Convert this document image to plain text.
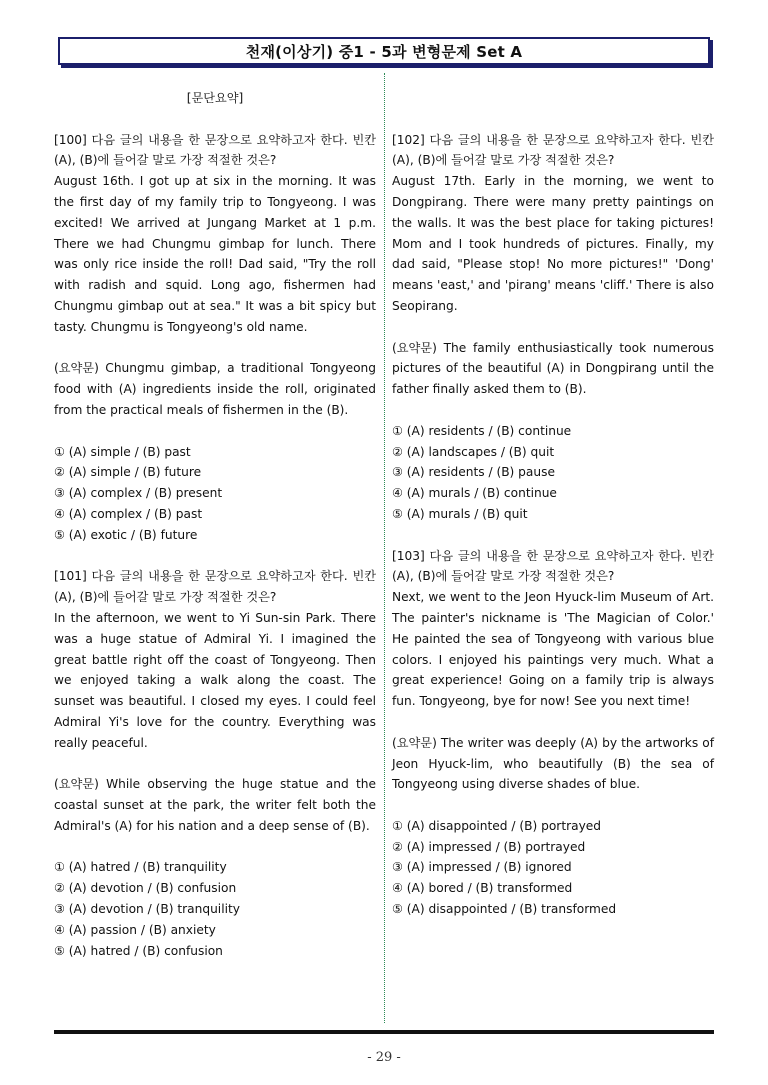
천재(이상기) 중1 - 5과 변형문제 Set A

[문단요약]

[100] 다음 글의 내용을 한 문장으로 요약하고자 한다. 빈칸 (A), (B)에 들어갈 말로 가장 적절한 것은?

August 16th. I got up at six in the morning. It was the first day of my family trip to Tongyeong. I was excited! We arrived at Jungang Market at 1 p.m. There we had Chungmu gimbap for lunch. There was only rice inside the roll! Dad said, "Try the roll with radish and squid. Long ago, fishermen had Chungmu gimbap out at sea." It was a bit spicy but tasty. Chungmu is Tongyeong's old name.

(요약문) Chungmu gimbap, a traditional Tongyeong food with (A) ingredients inside the roll, originated from the practical meals of fishermen in the (B).

① (A) simple / (B) past
② (A) simple / (B) future
③ (A) complex / (B) present
④ (A) complex / (B) past
⑤ (A) exotic / (B) future

[101] 다음 글의 내용을 한 문장으로 요약하고자 한다. 빈칸 (A), (B)에 들어갈 말로 가장 적절한 것은?

In the afternoon, we went to Yi Sun-sin Park. There was a huge statue of Admiral Yi. I imagined the great battle right off the coast of Tongyeong. Then we enjoyed taking a walk along the coast. The sunset was beautiful. I closed my eyes. I could feel Admiral Yi's love for the country. Everything was really peaceful.

(요약문) While observing the huge statue and the coastal sunset at the park, the writer felt both the Admiral's (A) for his nation and a deep sense of (B).

① (A) hatred / (B) tranquility
② (A) devotion / (B) confusion
③ (A) devotion / (B) tranquility
④ (A) passion / (B) anxiety
⑤ (A) hatred / (B) confusion

[102] 다음 글의 내용을 한 문장으로 요약하고자 한다. 빈칸 (A), (B)에 들어갈 말로 가장 적절한 것은?

August 17th. Early in the morning, we went to Dongpirang. There were many pretty paintings on the walls. It was the best place for taking pictures! Mom and I took hundreds of pictures. Finally, my dad said, "Please stop! No more pictures!" 'Dong' means 'east,' and 'pirang' means 'cliff.' There is also Seopirang.

(요약문) The family enthusiastically took numerous pictures of the beautiful (A) in Dongpirang until the father finally asked them to (B).

① (A) residents / (B) continue
② (A) landscapes / (B) quit
③ (A) residents / (B) pause
④ (A) murals / (B) continue
⑤ (A) murals / (B) quit

[103] 다음 글의 내용을 한 문장으로 요약하고자 한다. 빈칸 (A), (B)에 들어갈 말로 가장 적절한 것은?

Next, we went to the Jeon Hyuck-lim Museum of Art. The painter's nickname is 'The Magician of Color.' He painted the sea of Tongyeong with various blue colors. I enjoyed his paintings very much. What a great experience! Going on a family trip is always fun. Tongyeong, bye for now! See you next time!

(요약문) The writer was deeply (A) by the artworks of Jeon Hyuck-lim, who beautifully (B) the sea of Tongyeong using diverse shades of blue.

① (A) disappointed / (B) portrayed
② (A) impressed / (B) portrayed
③ (A) impressed / (B) ignored
④ (A) bored / (B) transformed
⑤ (A) disappointed / (B) transformed
- 29 -
